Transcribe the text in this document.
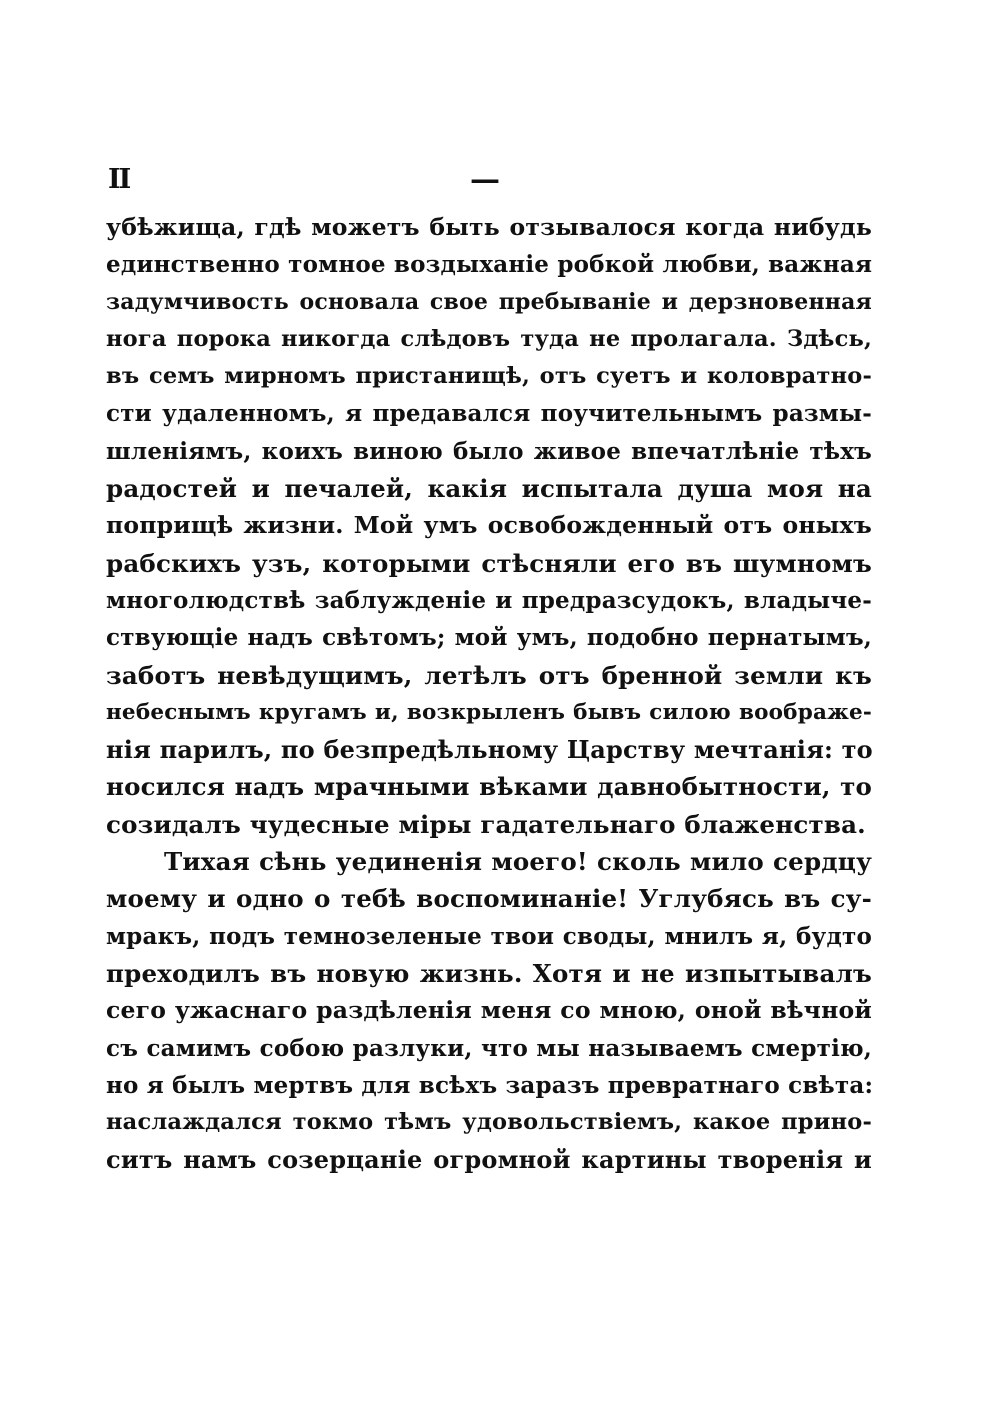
II	—
убѣжища, гдѣ можетъ быть отзывалося когда нибудь
единственно томное воздыханіе робкой любви, важная
задумчивость основала свое пребываніе и дерзновенная
нога порока никогда слѣдовъ туда не пролагала. Здѣсь,
въ семъ мирномъ пристанищѣ, отъ суетъ и коловратно-
сти удаленномъ, я предавался поучительнымъ размы-
шленіямъ, коихъ виною было живое впечатлѣніе тѣхъ
радостей и печалей, какія испытала душа моя на
поприщѣ жизни. Мой умъ освобожденный отъ оныхъ
рабскихъ узъ, которыми стѣсняли его въ шумномъ
многолюдствѣ заблужденіе и предразсудокъ, владыче-
ствующіе надъ свѣтомъ; мой умъ, подобно пернатымъ,
заботъ невѣдущимъ, летѣлъ отъ бренной земли къ
небеснымъ кругамъ и, возкрыленъ бывъ силою воображе-
нія парилъ, по безпредѣльному Царству мечтанія: то
носился надъ мрачными вѣками давнобытности, то
созидалъ чудесные міры гадательнаго блаженства.
Тихая сѣнь уединенія моего! сколь мило сердцу
моему и одно о тебѣ воспоминаніе! Углубясь въ су-
мракъ, подъ темнозеленые твои своды, мнилъ я, будто
преходилъ въ новую жизнь. Хотя и не изпытывалъ
сего ужаснаго раздѣленія меня со мною, оной вѣчной
съ самимъ собою разлуки, что мы называемъ смертію,
но я былъ мертвъ для всѣхъ заразъ превратнаго свѣта:
наслаждался токмо тѣмъ удовольствіемъ, какое прино-
ситъ намъ созерцаніе огромной картины творенія и
